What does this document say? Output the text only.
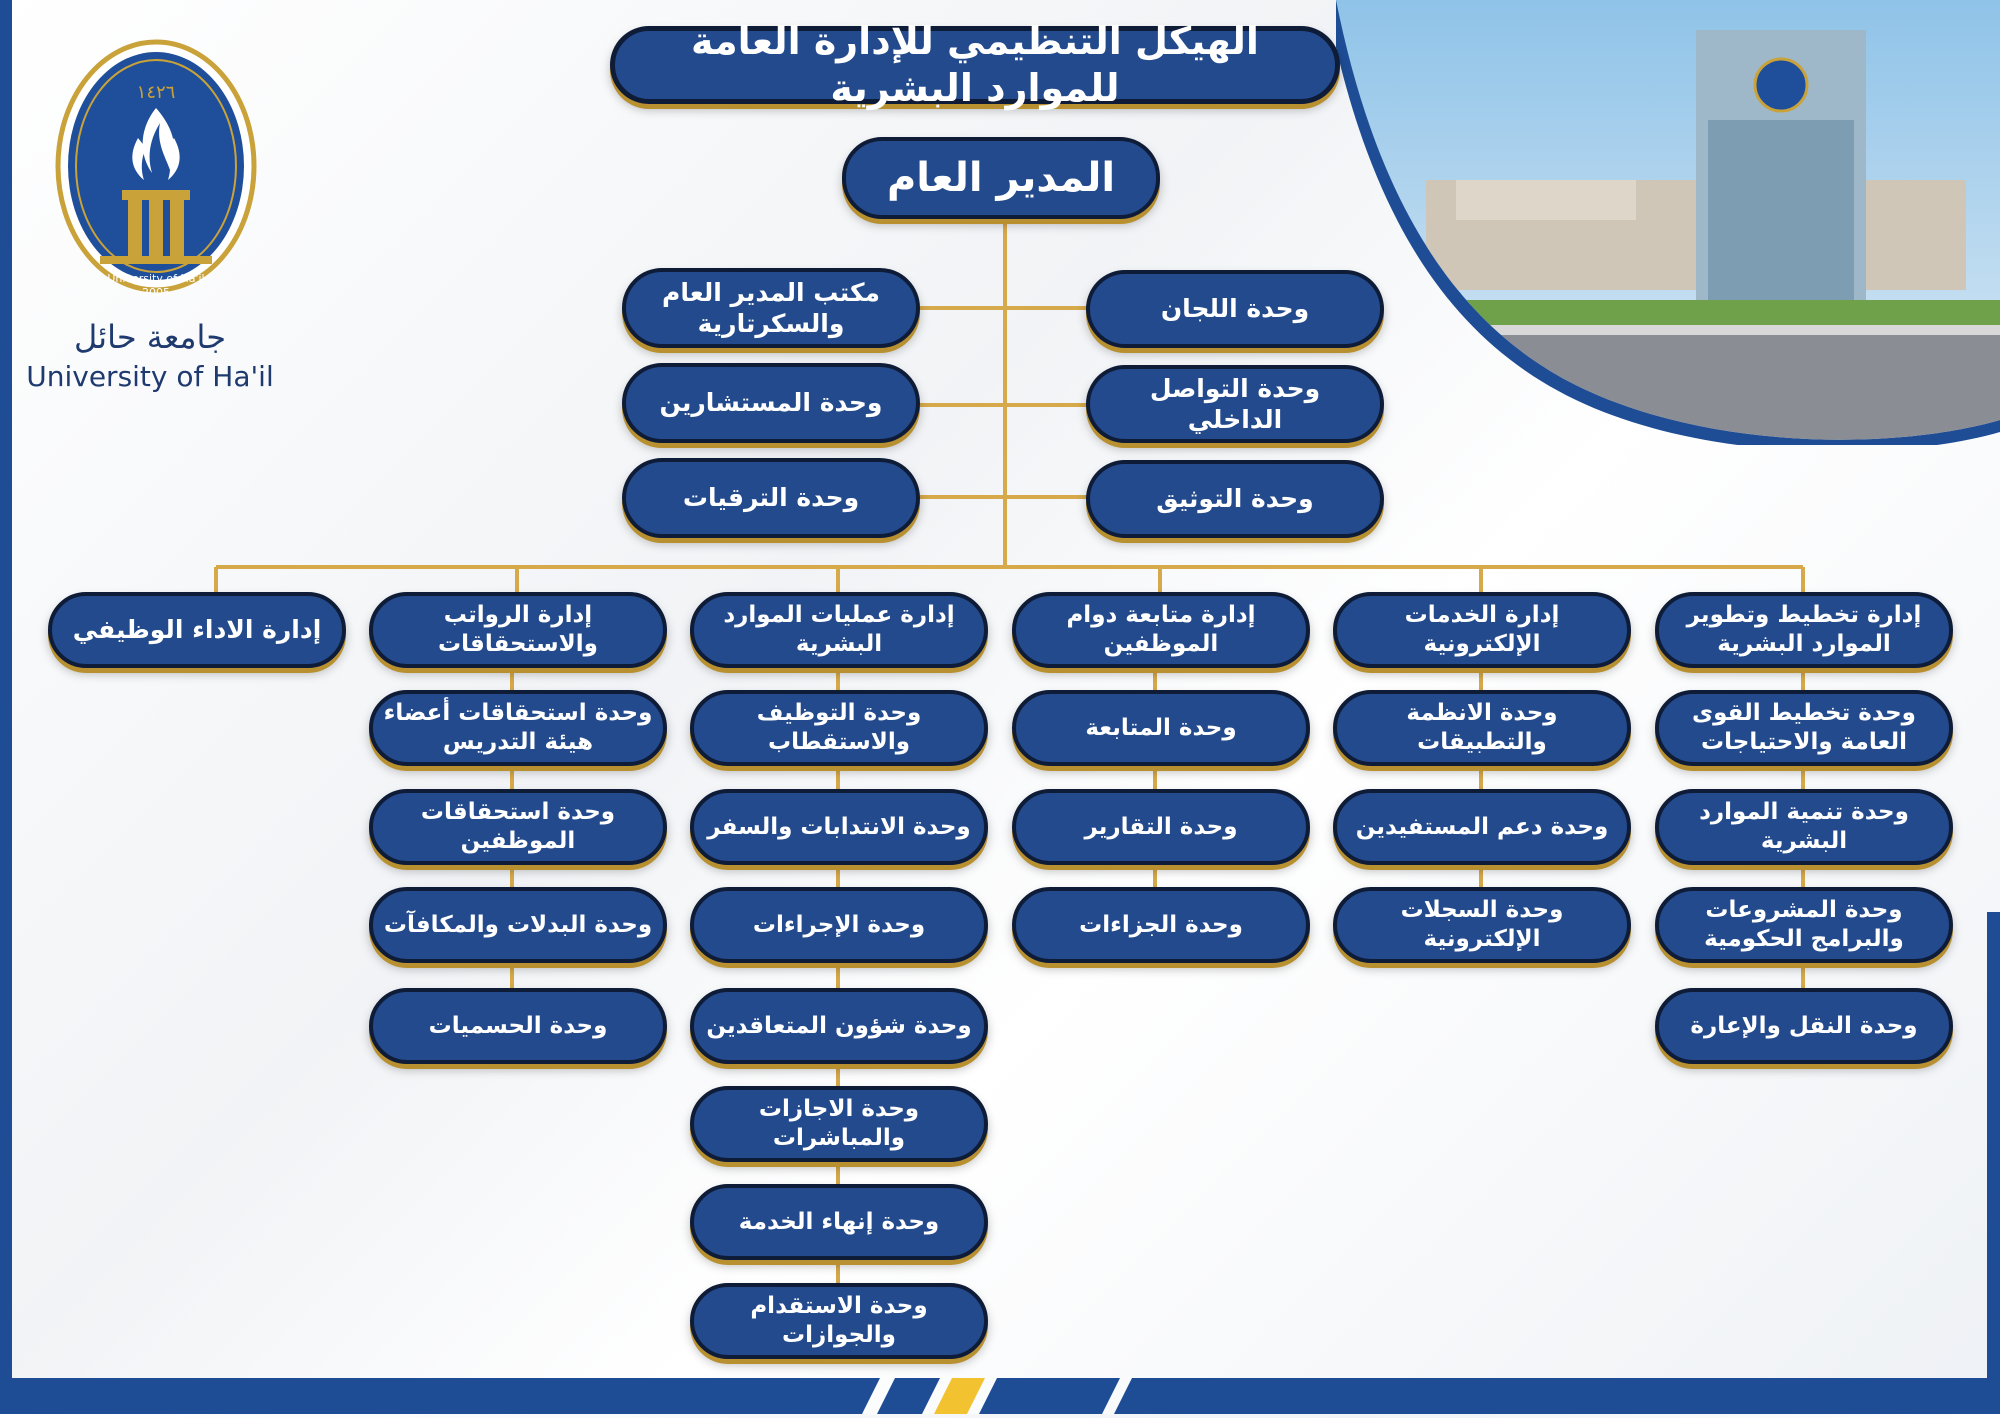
١٤٢٦
University of Ha'il
2005
جامعة حائل
University of Ha'il
الهيكل التنظيمي للإدارة العامة للموارد البشرية
المدير العام
مكتب المدير العام والسكرتارية
وحدة المستشارين
وحدة الترقيات
وحدة اللجان
وحدة التواصل الداخلي
وحدة التوثيق
إدارة الاداء الوظيفي
إدارة الرواتب والاستحقاقات
إدارة عمليات الموارد البشرية
إدارة متابعة دوام الموظفين
إدارة الخدمات الإلكترونية
إدارة تخطيط وتطوير الموارد البشرية
وحدة استحقاقات أعضاء هيئة التدريس
وحدة استحقاقات الموظفين
وحدة البدلات والمكافآت
وحدة الحسميات
وحدة التوظيف والاستقطاب
وحدة الانتدابات والسفر
وحدة الإجراءات
وحدة شؤون المتعاقدين
وحدة الاجازات والمباشرات
وحدة إنهاء الخدمة
وحدة الاستقدام والجوازات
وحدة المتابعة
وحدة التقارير
وحدة الجزاءات
وحدة الانظمة والتطبيقات
وحدة دعم المستفيدين
وحدة السجلات الإلكترونية
وحدة تخطيط القوى العامة والاحتياجات
وحدة تنمية الموارد البشرية
وحدة المشروعات والبرامج الحكومية
وحدة النقل والإعارة
